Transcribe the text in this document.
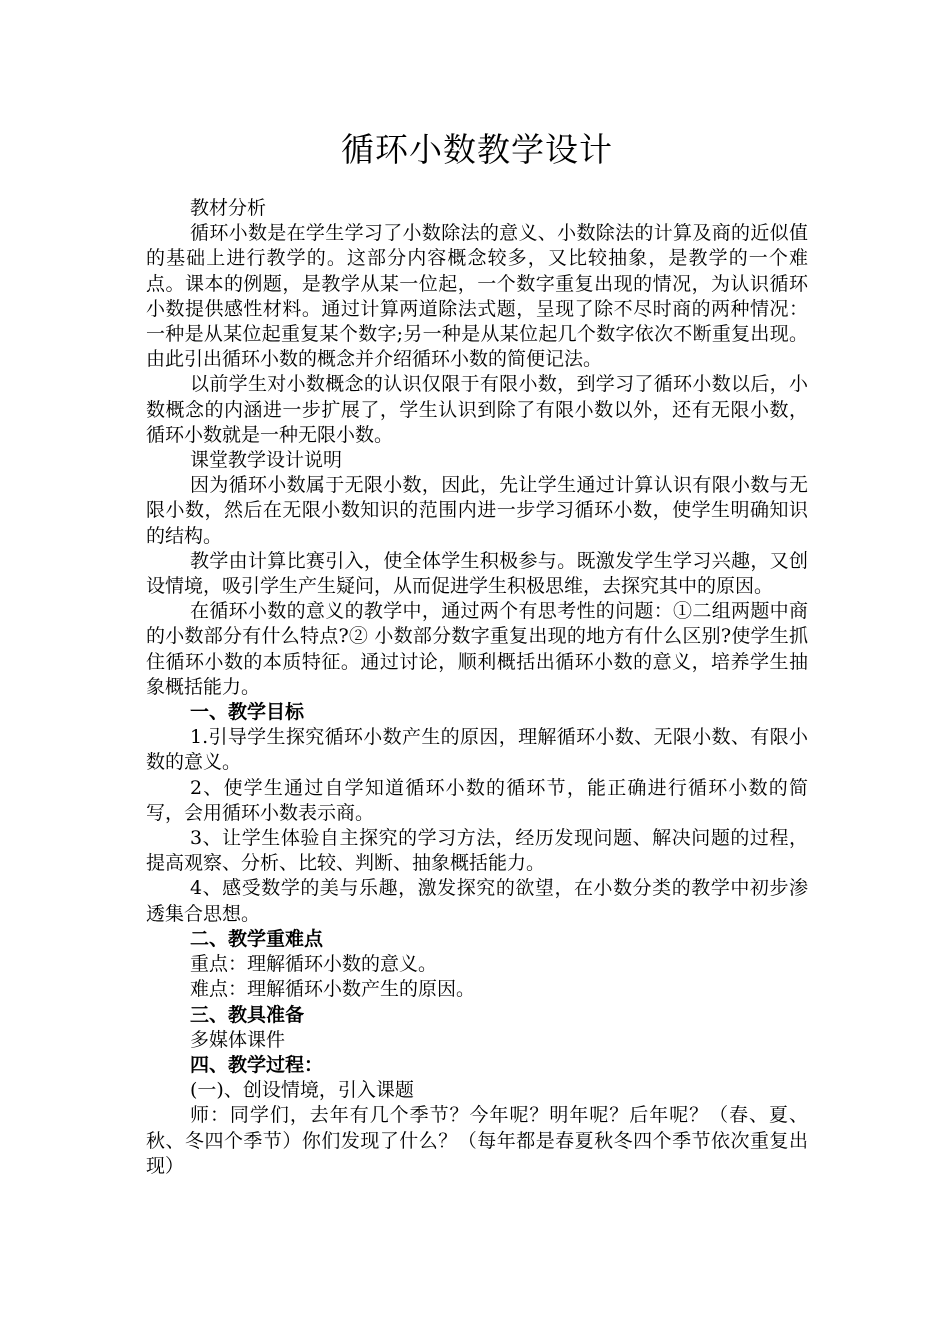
循环小数教学设计

教材分析

循环小数是在学生学习了小数除法的意义、小数除法的计算及商的近似值的基础上进行教学的。这部分内容概念较多，又比较抽象，是教学的一个难点。课本的例题，是教学从某一位起，一个数字重复出现的情况，为认识循环小数提供感性材料。通过计算两道除法式题，呈现了除不尽时商的两种情况：一种是从某位起重复某个数字;另一种是从某位起几个数字依次不断重复出现。由此引出循环小数的概念并介绍循环小数的简便记法。

以前学生对小数概念的认识仅限于有限小数，到学习了循环小数以后，小数概念的内涵进一步扩展了，学生认识到除了有限小数以外，还有无限小数，循环小数就是一种无限小数。

课堂教学设计说明

因为循环小数属于无限小数，因此，先让学生通过计算认识有限小数与无限小数，然后在无限小数知识的范围内进一步学习循环小数，使学生明确知识的结构。

教学由计算比赛引入，使全体学生积极参与。既激发学生学习兴趣，又创设情境，吸引学生产生疑问，从而促进学生积极思维，去探究其中的原因。

在循环小数的意义的教学中，通过两个有思考性的问题：①二组两题中商的小数部分有什么特点?② 小数部分数字重复出现的地方有什么区别?使学生抓住循环小数的本质特征。通过讨论，顺利概括出循环小数的意义，培养学生抽象概括能力。

一、教学目标

1.引导学生探究循环小数产生的原因，理解循环小数、无限小数、有限小数的意义。

2、使学生通过自学知道循环小数的循环节，能正确进行循环小数的简写，会用循环小数表示商。

3、让学生体验自主探究的学习方法，经历发现问题、解决问题的过程，提高观察、分析、比较、判断、抽象概括能力。

4、感受数学的美与乐趣，激发探究的欲望，在小数分类的教学中初步渗透集合思想。

二、教学重难点

重点：理解循环小数的意义。

难点：理解循环小数产生的原因。

三、教具准备

多媒体课件

四、教学过程：

(一)、创设情境，引入课题

师：同学们，去年有几个季节？今年呢？明年呢？后年呢？（春、夏、秋、冬四个季节）你们发现了什么？（每年都是春夏秋冬四个季节依次重复出现）
